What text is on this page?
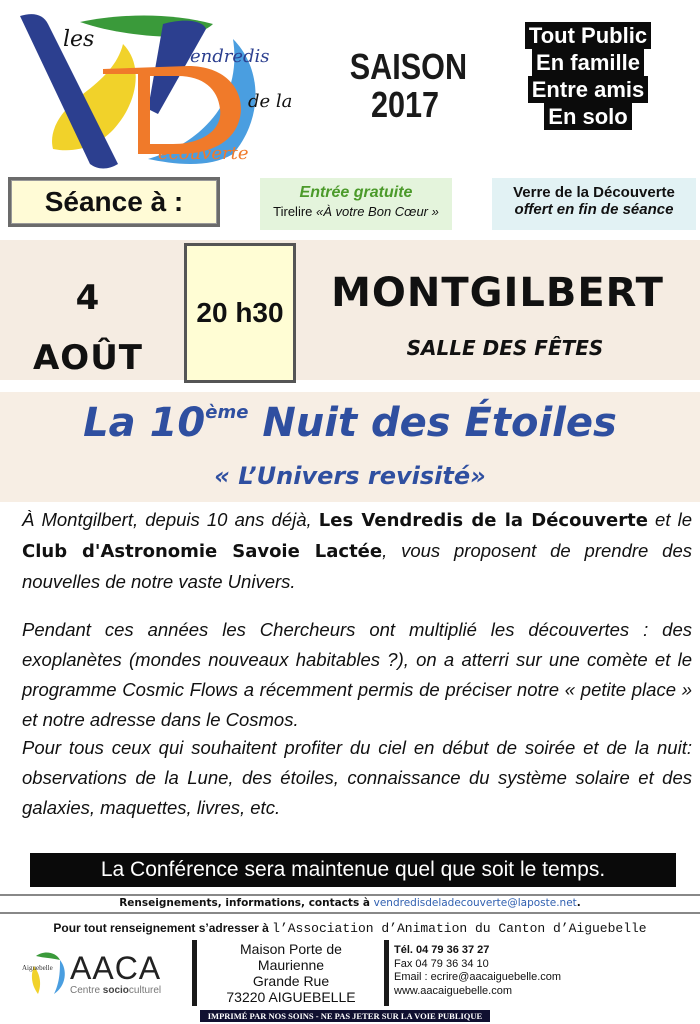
les
endredis
de la
écouverte
SAISON
2017
Tout Public
En famille
Entre amis
En solo
Séance à :	Entrée gratuite
Tirelire «À votre Bon Cœur »
Verre de la Découverte
offert en fin de séance
4
AOÛT
20 h30	MONTGILBERT
SALLE DES FÊTES
La 10ème Nuit des Étoiles
« L’Univers revisité»
À Montgilbert, depuis 10 ans déjà, Les Vendredis de la Découverte et le Club d'Astronomie Savoie Lactée, vous proposent de prendre des nouvelles de notre vaste Univers.
Pendant ces années les Chercheurs ont multiplié les découvertes : des exoplanètes (mondes nouveaux habitables ?), on a atterri sur une comète et le programme Cosmic Flows a récemment permis de préciser notre « petite place » et notre adresse dans le Cosmos.
Pour tous ceux qui souhaitent profiter du ciel en début de soirée et de la nuit: observations de la Lune, des étoiles, connaissance du système solaire et des galaxies, maquettes, livres, etc.
La Conférence sera maintenue quel que soit le temps.
Renseignements, informations, contacts à vendredisdeladecouverte@laposte.net.
Pour tout renseignement s’adresser à l’Association d’Animation du Canton d’Aiguebelle
Aiguebelle AACA
Centre socioculturel
Maison Porte de
Maurienne
Grande Rue
73220 AIGUEBELLE
Tél. 04 79 36 37 27
Fax 04 79 36 34 10
Email : ecrire@aacaiguebelle.com
www.aacaiguebelle.com
IMPRIMÉ PAR NOS SOINS - NE PAS JETER SUR LA VOIE PUBLIQUE
